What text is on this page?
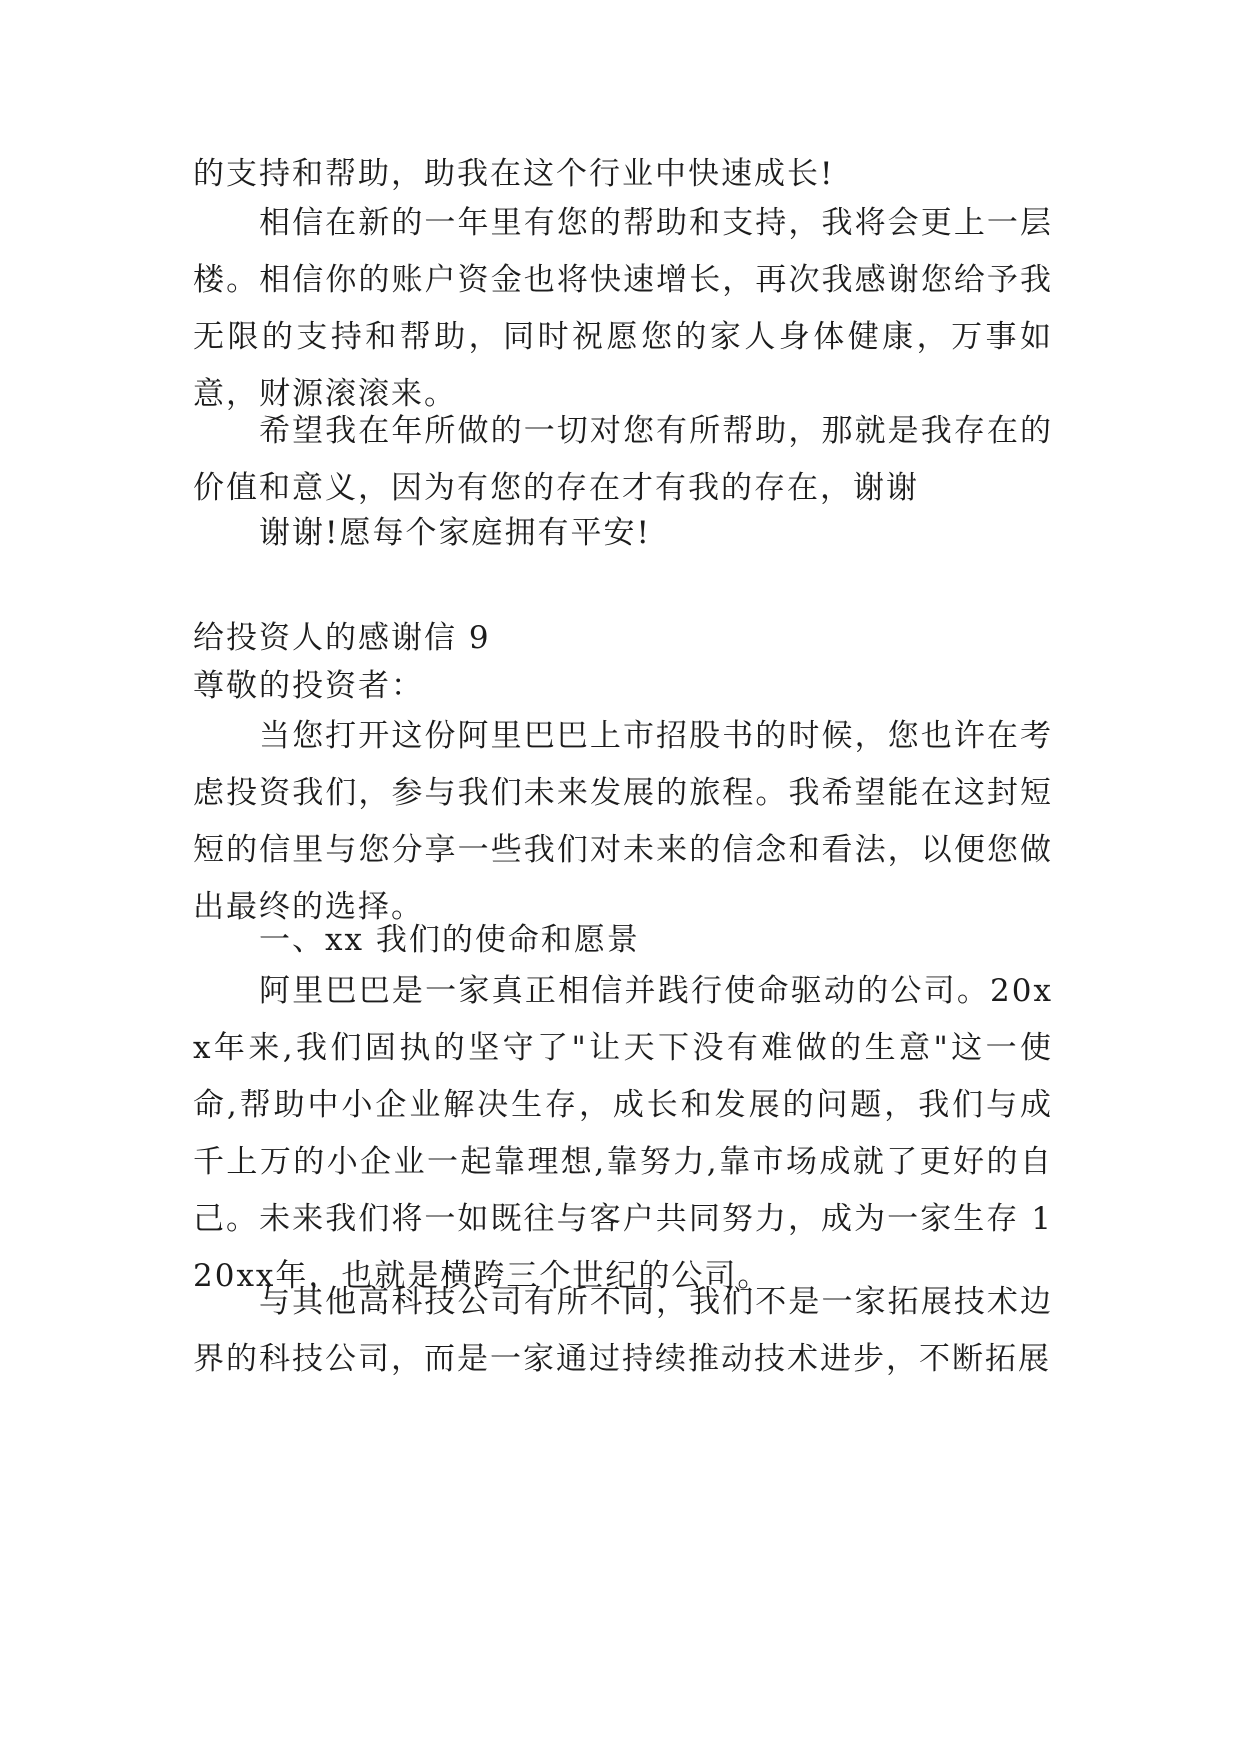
的支持和帮助，助我在这个行业中快速成长!

相信在新的一年里有您的帮助和支持，我将会更上一层楼。相信你的账户资金也将快速增长，再次我感谢您给予我无限的支持和帮助，同时祝愿您的家人身体健康，万事如意，财源滚滚来。

希望我在年所做的一切对您有所帮助，那就是我存在的价值和意义，因为有您的存在才有我的存在，谢谢

谢谢!愿每个家庭拥有平安!

给投资人的感谢信 9

尊敬的投资者：

当您打开这份阿里巴巴上市招股书的时候，您也许在考虑投资我们，参与我们未来发展的旅程。我希望能在这封短短的信里与您分享一些我们对未来的信念和看法，以便您做出最终的选择。

一、xx 我们的使命和愿景

阿里巴巴是一家真正相信并践行使命驱动的公司。20xx年来,我们固执的坚守了"让天下没有难做的生意"这一使命,帮助中小企业解决生存，成长和发展的问题，我们与成千上万的小企业一起靠理想,靠努力,靠市场成就了更好的自己。未来我们将一如既往与客户共同努力，成为一家生存 120xx年，也就是横跨三个世纪的公司。

与其他高科技公司有所不同，我们不是一家拓展技术边界的科技公司，而是一家通过持续推动技术进步，不断拓展
